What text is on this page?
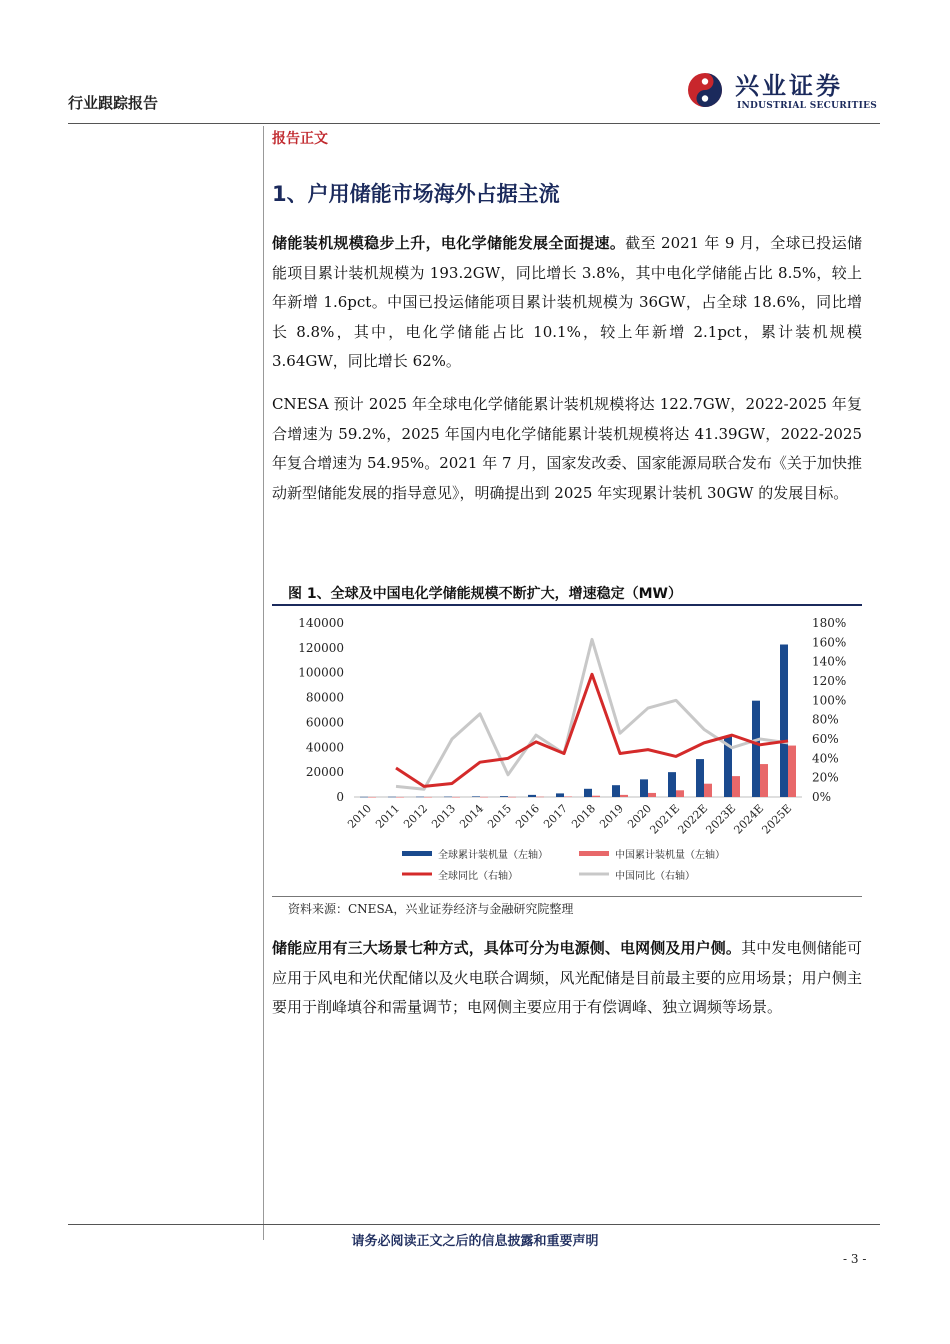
行业跟踪报告
兴业证券
INDUSTRIAL SECURITIES
报告正文
1、户用储能市场海外占据主流
储能装机规模稳步上升，电化学储能发展全面提速。截至 2021 年 9 月，全球已投运储能项目累计装机规模为 193.2GW，同比增长 3.8%，其中电化学储能占比 8.5%，较上年新增 1.6pct。中国已投运储能项目累计装机规模为 36GW，占全球 18.6%，同比增长 8.8%，其中，电化学储能占比 10.1%，较上年新增 2.1pct，累计装机规模 3.64GW，同比增长 62%。
CNESA 预计 2025 年全球电化学储能累计装机规模将达 122.7GW，2022-2025 年复合增速为 59.2%，2025 年国内电化学储能累计装机规模将达 41.39GW，2022-2025 年复合增速为 54.95%。2021 年 7 月，国家发改委、国家能源局联合发布《关于加快推动新型储能发展的指导意见》，明确提出到 2025 年实现累计装机 30GW 的发展目标。
图 1、全球及中国电化学储能规模不断扩大，增速稳定（MW）
0
20000
40000
60000
80000
100000
120000
140000
0%
20%
40%
60%
80%
100%
120%
140%
160%
180%
2010 2011 2012 2013 2014 2015 2016 2017 2018 2019 2020
2021E
2022E
2023E
2024E
2025E
全球累计装机量（左轴）	中国累计装机量（左轴）
全球同比（右轴）	中国同比（右轴）
资料来源：CNESA，兴业证券经济与金融研究院整理
储能应用有三大场景七种方式，具体可分为电源侧、电网侧及用户侧。其中发电侧储能可应用于风电和光伏配储以及火电联合调频，风光配储是目前最主要的应用场景；用户侧主要用于削峰填谷和需量调节；电网侧主要应用于有偿调峰、独立调频等场景。
请务必阅读正文之后的信息披露和重要声明
- 3 -
